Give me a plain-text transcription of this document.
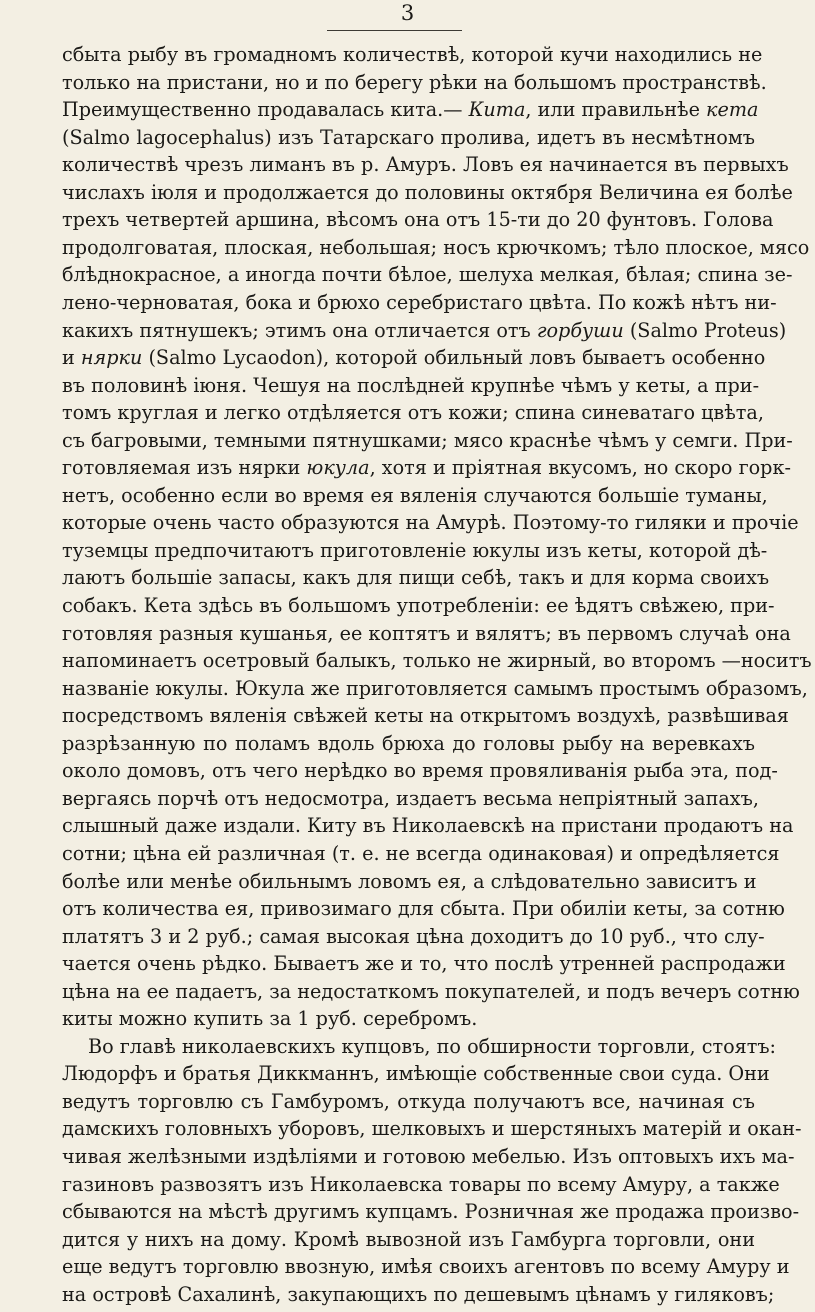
3
сбыта рыбу въ громадномъ количествѣ, которой кучи находились не
только на пристани, но и по берегу рѣки на большомъ пространствѣ.
Преимущественно продавалась кита.— Кита, или правильнѣе кета
(Salmo lagocephalus) изъ Татарскаго пролива, идетъ въ несмѣтномъ
количествѣ чрезъ лиманъ въ р. Амуръ. Ловъ ея начинается въ первыхъ
числахъ іюля и продолжается до половины октября Величина ея болѣе
трехъ четвертей аршина, вѣсомъ она отъ 15-ти до 20 фунтовъ. Голова
продолговатая, плоская, небольшая; носъ крючкомъ; тѣло плоское, мясо
блѣднокрасное, а иногда почти бѣлое, шелуха мелкая, бѣлая; спина зе-
лено-черноватая, бока и брюхо серебристаго цвѣта. По кожѣ нѣтъ ни-
какихъ пятнушекъ; этимъ она отличается отъ горбуши (Salmo Proteus)
и нярки (Salmo Lycaodon), которой обильный ловъ бываетъ особенно
въ половинѣ іюня. Чешуя на послѣдней крупнѣе чѣмъ у кеты, а при-
томъ круглая и легко отдѣляется отъ кожи; спина синеватаго цвѣта,
съ багровыми, темными пятнушками; мясо краснѣе чѣмъ у семги. При-
готовляемая изъ нярки юкула, хотя и пріятная вкусомъ, но скоро горк-
нетъ, особенно если во время ея вяленія случаются большіе туманы,
которые очень часто образуются на Амурѣ. Поэтому-то гиляки и прочіе
туземцы предпочитаютъ приготовленіе юкулы изъ кеты, которой дѣ-
лаютъ большіе запасы, какъ для пищи себѣ, такъ и для корма своихъ
собакъ. Кета здѣсь въ большомъ употребленіи: ее ѣдятъ свѣжею, при-
готовляя разныя кушанья, ее коптятъ и вялятъ; въ первомъ случаѣ она
напоминаетъ осетровый балыкъ, только не жирный, во второмъ —носитъ
названіе юкулы. Юкула же приготовляется самымъ простымъ образомъ,
посредствомъ вяленія свѣжей кеты на открытомъ воздухѣ, развѣшивая
разрѣзанную по поламъ вдоль брюха до головы рыбу на веревкахъ
около домовъ, отъ чего нерѣдко во время провяливанія рыба эта, под-
вергаясь порчѣ отъ недосмотра, издаетъ весьма непріятный запахъ,
слышный даже издали. Киту въ Николаевскѣ на пристани продаютъ на
сотни; цѣна ей различная (т. е. не всегда одинаковая) и опредѣляется
болѣе или менѣе обильнымъ ловомъ ея, а слѣдовательно зависитъ и
отъ количества ея, привозимаго для сбыта. При обиліи кеты, за сотню
платятъ 3 и 2 руб.; самая высокая цѣна доходитъ до 10 руб., что слу-
чается очень рѣдко. Бываетъ же и то, что послѣ утренней распродажи
цѣна на ее падаетъ, за недостаткомъ покупателей, и подъ вечеръ сотню
киты можно купить за 1 руб. серебромъ.
Во главѣ николаевскихъ купцовъ, по обширности торговли, стоятъ:
Людорфъ и братья Диккманнъ, имѣющіе собственные свои суда. Они
ведутъ торговлю съ Гамбуромъ, откуда получаютъ все, начиная съ
дамскихъ головныхъ уборовъ, шелковыхъ и шерстяныхъ матерій и окан-
чивая желѣзными издѣліями и готовою мебелью. Изъ оптовыхъ ихъ ма-
газиновъ развозятъ изъ Николаевска товары по всему Амуру, а также
сбываются на мѣстѣ другимъ купцамъ. Розничная же продажа произво-
дится у нихъ на дому. Кромѣ вывозной изъ Гамбурга торговли, они
еще ведутъ торговлю ввозную, имѣя своихъ агентовъ по всему Амуру и
на островѣ Сахалинѣ, закупающихъ по дешевымъ цѣнамъ у гиляковъ;
